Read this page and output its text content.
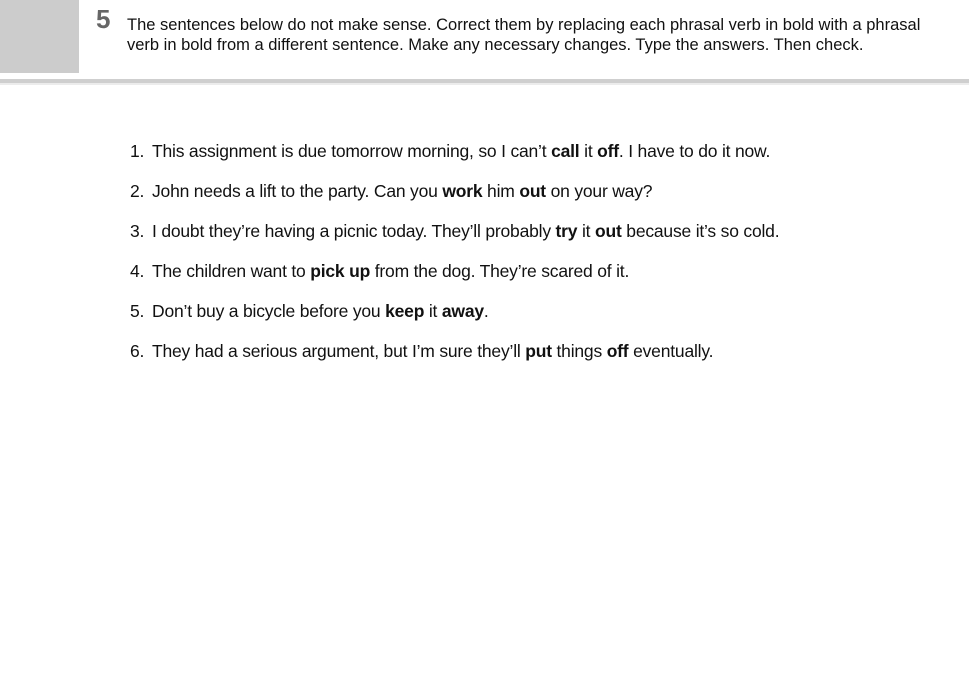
5 The sentences below do not make sense. Correct them by replacing each phrasal verb in bold with a phrasal verb in bold from a different sentence. Make any necessary changes. Type the answers. Then check.
1. This assignment is due tomorrow morning, so I can’t call it off. I have to do it now.
2. John needs a lift to the party. Can you work him out on your way?
3. I doubt they’re having a picnic today. They’ll probably try it out because it’s so cold.
4. The children want to pick up from the dog. They’re scared of it.
5. Don’t buy a bicycle before you keep it away.
6. They had a serious argument, but I’m sure they’ll put things off eventually.
